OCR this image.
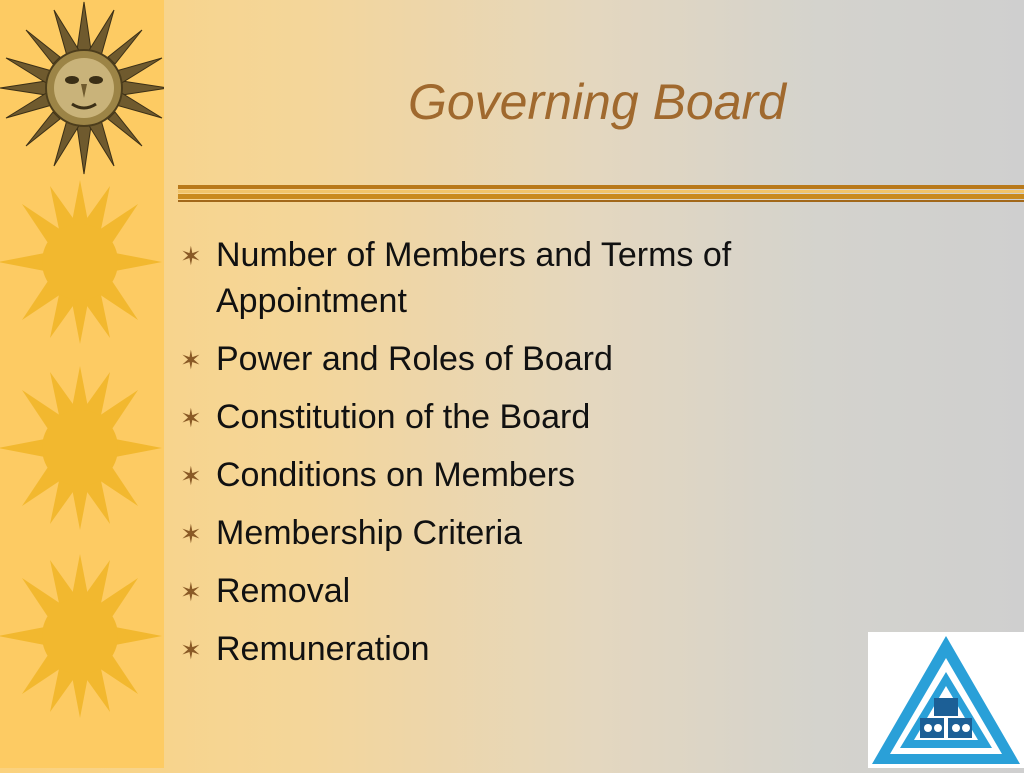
Governing Board
✶ Number of Members and Terms of Appointment
✶ Power and Roles of Board
✶ Constitution of the Board
✶ Conditions on Members
✶ Membership Criteria
✶ Removal
✶ Remuneration
